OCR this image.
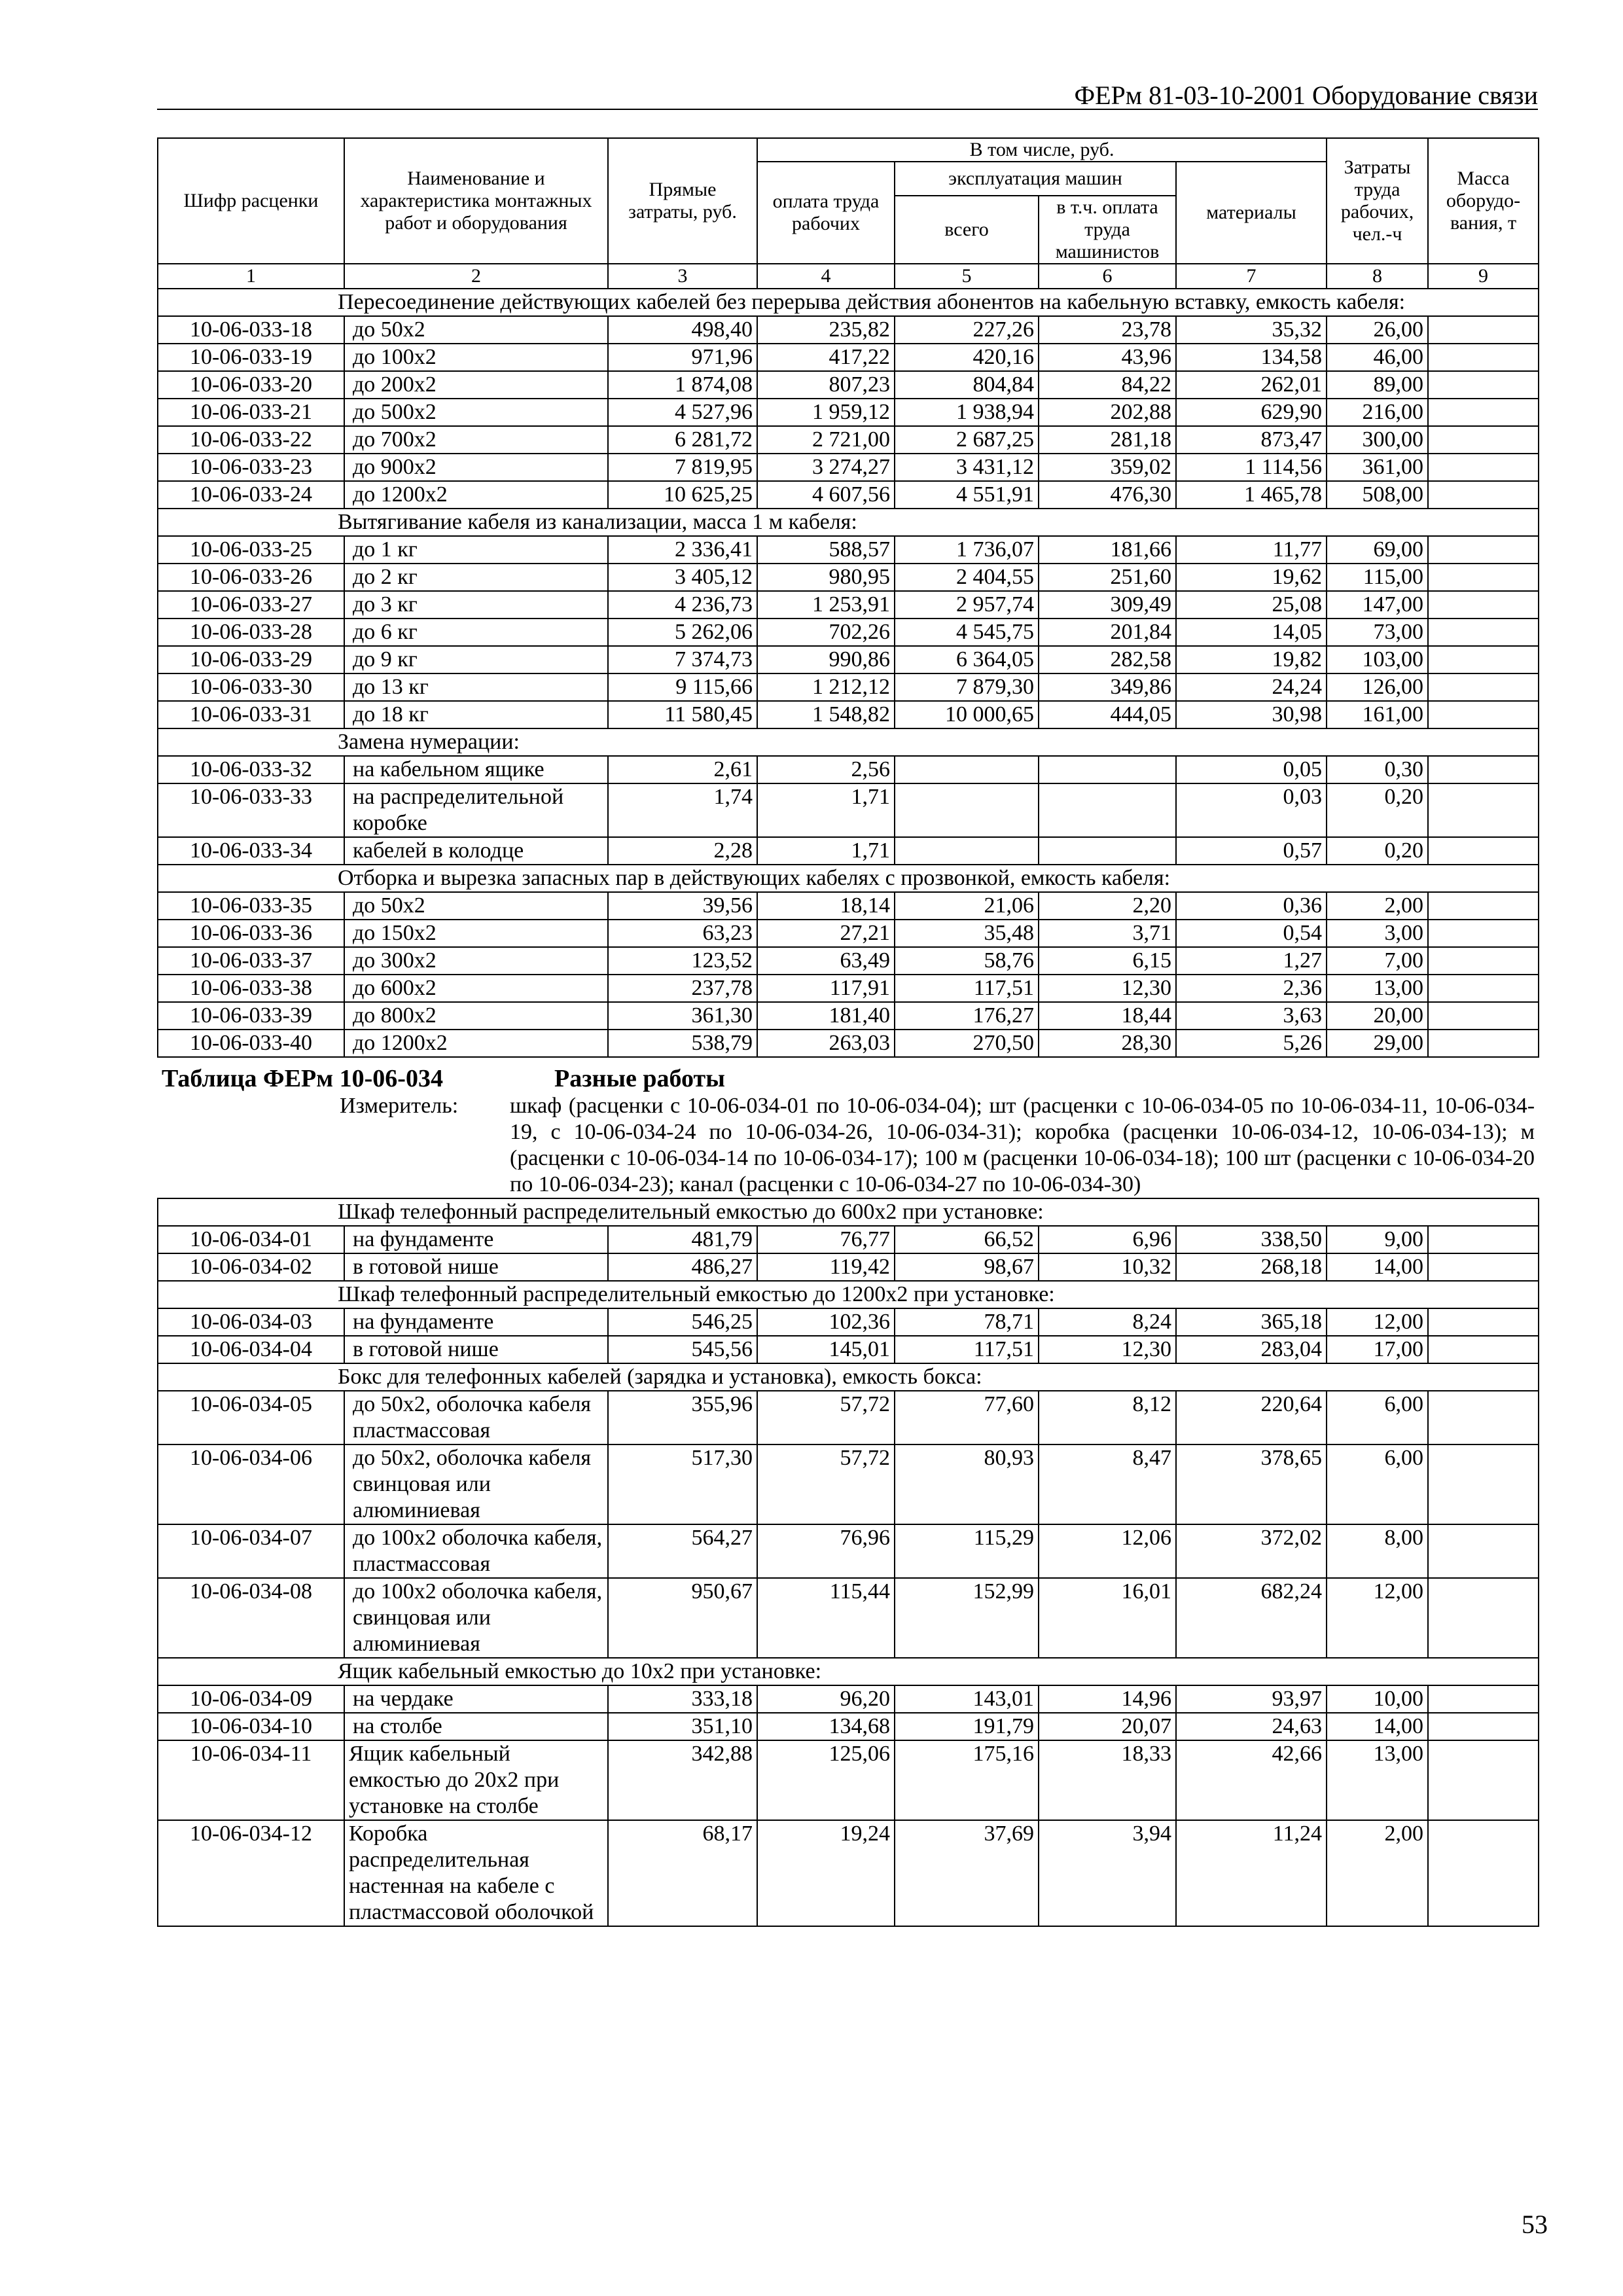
ФЕРм 81-03-10-2001 Оборудование связи
Шифр расценки	Наименование и характеристика монтажных работ и оборудования	Прямые затраты, руб.	В том числе, руб.				Затраты труда рабочих, чел.-ч	Масса оборудо-вания, т
			оплата труда рабочих	эксплуатация машин		материалы		
				всего	в т.ч. оплата труда машинистов			
1	2	3	4	5	6	7	8	9
Пересоединение действующих кабелей без перерыва действия абонентов на кабельную вставку, емкость кабеля:								
10-06-033-18	до 50х2	498,40	235,82	227,26	23,78	35,32	26,00	
10-06-033-19	до 100х2	971,96	417,22	420,16	43,96	134,58	46,00	
10-06-033-20	до 200х2	1 874,08	807,23	804,84	84,22	262,01	89,00	
10-06-033-21	до 500х2	4 527,96	1 959,12	1 938,94	202,88	629,90	216,00	
10-06-033-22	до 700х2	6 281,72	2 721,00	2 687,25	281,18	873,47	300,00	
10-06-033-23	до 900х2	7 819,95	3 274,27	3 431,12	359,02	1 114,56	361,00	
10-06-033-24	до 1200х2	10 625,25	4 607,56	4 551,91	476,30	1 465,78	508,00	
Вытягивание кабеля из канализации, масса 1 м кабеля:								
10-06-033-25	до 1 кг	2 336,41	588,57	1 736,07	181,66	11,77	69,00	
10-06-033-26	до 2 кг	3 405,12	980,95	2 404,55	251,60	19,62	115,00	
10-06-033-27	до 3 кг	4 236,73	1 253,91	2 957,74	309,49	25,08	147,00	
10-06-033-28	до 6 кг	5 262,06	702,26	4 545,75	201,84	14,05	73,00	
10-06-033-29	до 9 кг	7 374,73	990,86	6 364,05	282,58	19,82	103,00	
10-06-033-30	до 13 кг	9 115,66	1 212,12	7 879,30	349,86	24,24	126,00	
10-06-033-31	до 18 кг	11 580,45	1 548,82	10 000,65	444,05	30,98	161,00	
Замена нумерации:								
10-06-033-32	на кабельном ящике	2,61	2,56			0,05	0,30	
10-06-033-33	на распределительной коробке	1,74	1,71			0,03	0,20	
10-06-033-34	кабелей в колодце	2,28	1,71			0,57	0,20	
Отборка и вырезка запасных пар в действующих кабелях с прозвонкой, емкость кабеля:								
10-06-033-35	до 50х2	39,56	18,14	21,06	2,20	0,36	2,00	
10-06-033-36	до 150х2	63,23	27,21	35,48	3,71	0,54	3,00	
10-06-033-37	до 300х2	123,52	63,49	58,76	6,15	1,27	7,00	
10-06-033-38	до 600х2	237,78	117,91	117,51	12,30	2,36	13,00	
10-06-033-39	до 800х2	361,30	181,40	176,27	18,44	3,63	20,00	
10-06-033-40	до 1200х2	538,79	263,03	270,50	28,30	5,26	29,00	
Таблица ФЕРм 10-06-034 Разные работы								

Измеритель: шкаф (расценки с 10-06-034-01 по 10-06-034-04); шт (расценки с 10-06-034-05 по 10-06-034-11, 10-06-034-19, с 10-06-034-24 по 10-06-034-26, 10-06-034-31); коробка (расценки 10-06-034-12, 10-06-034-13); м (расценки с 10-06-034-14 по 10-06-034-17); 100 м (расценки 10-06-034-18); 100 шт (расценки с 10-06-034-20 по 10-06-034-23); канал (расценки с 10-06-034-27 по 10-06-034-30)								

Шкаф телефонный распределительный емкостью до 600х2 при установке:								
10-06-034-01	на фундаменте	481,79	76,77	66,52	6,96	338,50	9,00	
10-06-034-02	в готовой нише	486,27	119,42	98,67	10,32	268,18	14,00	
Шкаф телефонный распределительный емкостью до 1200х2 при установке:								
10-06-034-03	на фундаменте	546,25	102,36	78,71	8,24	365,18	12,00	
10-06-034-04	в готовой нише	545,56	145,01	117,51	12,30	283,04	17,00	
Бокс для телефонных кабелей (зарядка и установка), емкость бокса:								
10-06-034-05	до 50х2, оболочка кабеля пластмассовая	355,96	57,72	77,60	8,12	220,64	6,00	
10-06-034-06	до 50х2, оболочка кабеля свинцовая или алюминиевая	517,30	57,72	80,93	8,47	378,65	6,00	
10-06-034-07	до 100х2 оболочка кабеля, пластмассовая	564,27	76,96	115,29	12,06	372,02	8,00	
10-06-034-08	до 100х2 оболочка кабеля, свинцовая или алюминиевая	950,67	115,44	152,99	16,01	682,24	12,00	
Ящик кабельный емкостью до 10х2 при установке:								
10-06-034-09	на чердаке	333,18	96,20	143,01	14,96	93,97	10,00	
10-06-034-10	на столбе	351,10	134,68	191,79	20,07	24,63	14,00	
10-06-034-11	Ящик кабельный емкостью до 20х2 при установке на столбе	342,88	125,06	175,16	18,33	42,66	13,00	
10-06-034-12	Коробка распределительная настенная на кабеле с пластмассовой оболочкой	68,17	19,24	37,69	3,94	11,24	2,00	
53
